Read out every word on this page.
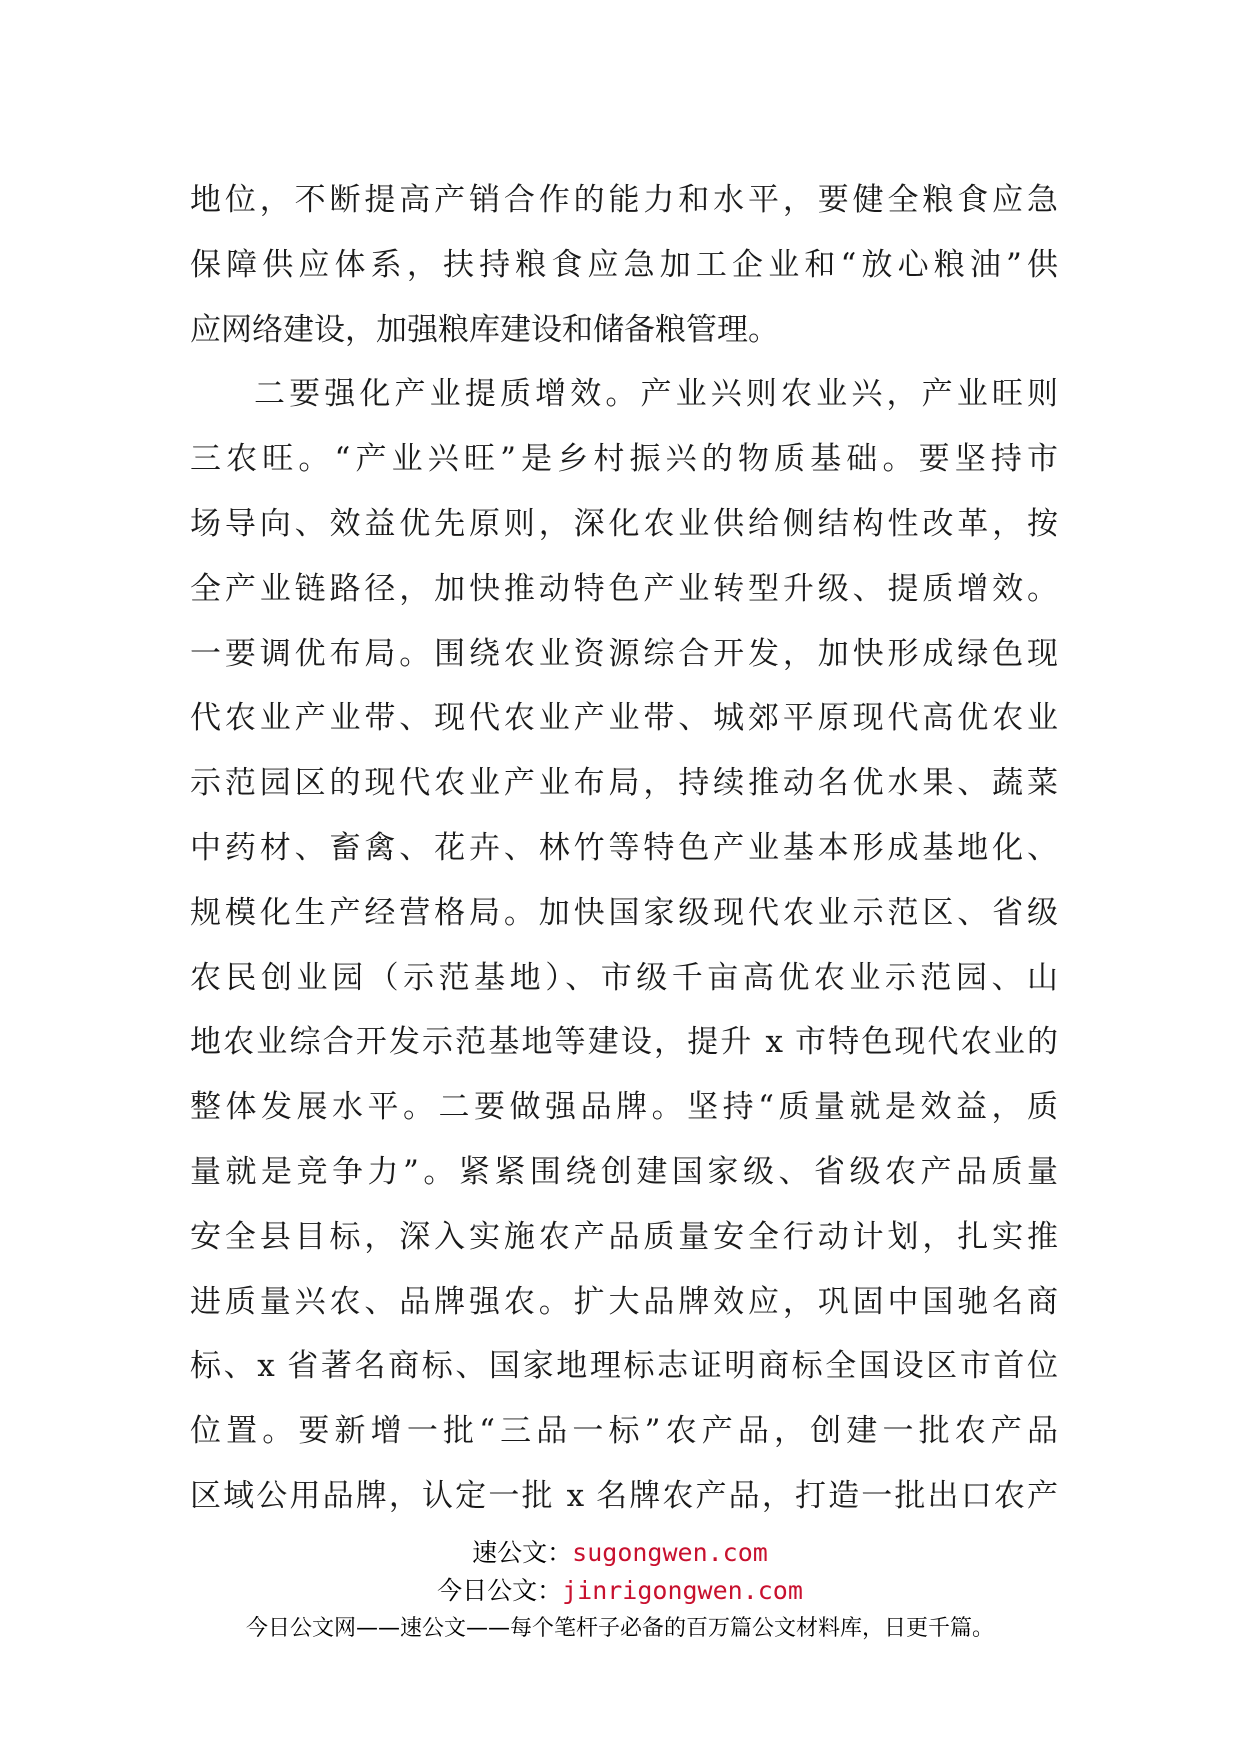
地位，不断提高产销合作的能力和水平，要健全粮食应急
保障供应体系，扶持粮食应急加工企业和“放心粮油”供
应网络建设，加强粮库建设和储备粮管理。
二要强化产业提质增效。产业兴则农业兴，产业旺则
三农旺。“产业兴旺”是乡村振兴的物质基础。要坚持市
场导向、效益优先原则，深化农业供给侧结构性改革，按
全产业链路径，加快推动特色产业转型升级、提质增效。
一要调优布局。围绕农业资源综合开发，加快形成绿色现
代农业产业带、现代农业产业带、城郊平原现代高优农业
示范园区的现代农业产业布局，持续推动名优水果、蔬菜
中药材、畜禽、花卉、林竹等特色产业基本形成基地化、
规模化生产经营格局。加快国家级现代农业示范区、省级
农民创业园（示范基地）、市级千亩高优农业示范园、山
地农业综合开发示范基地等建设，提升 x 市特色现代农业的
整体发展水平。二要做强品牌。坚持“质量就是效益，质
量就是竞争力”。紧紧围绕创建国家级、省级农产品质量
安全县目标，深入实施农产品质量安全行动计划，扎实推
进质量兴农、品牌强农。扩大品牌效应，巩固中国驰名商
标、x 省著名商标、国家地理标志证明商标全国设区市首位
位置。要新增一批“三品一标”农产品，创建一批农产品
区域公用品牌，认定一批 x 名牌农产品，打造一批出口农产
速公文：sugongwen.com
今日公文：jinrigongwen.com
今日公文网——速公文——每个笔杆子必备的百万篇公文材料库，日更千篇。
